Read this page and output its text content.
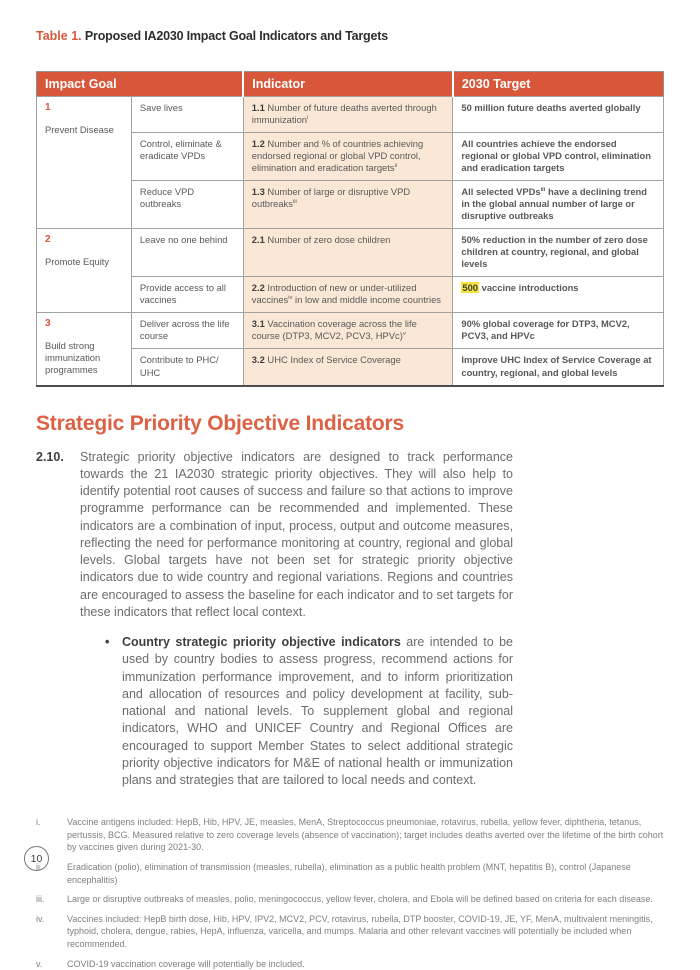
Table 1. Proposed IA2030 Impact Goal Indicators and Targets
Impact Goal		Indicator	2030 Target

1
Prevent Disease	Save lives	1.1 Number of future deaths averted through immunization$^i$	50 million future deaths averted globally
	Control, eliminate & eradicate VPDs	1.2 Number and % of countries achieving endorsed regional or global VPD control, elimination and eradication targets$^{ii}$	All countries achieve the endorsed regional or global VPD control, elimination and eradication targets
	Reduce VPD outbreaks	1.3 Number of large or disruptive VPD outbreaks$^{iii}$	All selected VPDs$^{iii}$ have a declining trend in the global annual number of large or disruptive outbreaks

2
Promote Equity	Leave no one behind	2.1 Number of zero dose children	50% reduction in the number of zero dose children at country, regional, and global levels
	Provide access to all vaccines	2.2 Introduction of new or under-utilized vaccines$^{iv}$ in low and middle income countries	500 vaccine introductions

3
Build strong immunization programmes	Deliver across the life course	3.1 Vaccination coverage across the life course (DTP3, MCV2, PCV3, HPVc)$^v$	90% global coverage for DTP3, MCV2, PCV3, and HPVc
	Contribute to PHC/ UHC	3.2 UHC Index of Service Coverage	Improve UHC Index of Service Coverage at country, regional, and global levels
Strategic Priority Objective Indicators
2.10.	Strategic priority objective indicators are designed to track performance towards the 21 IA2030 strategic priority objectives. They will also help to identify potential root causes of success and failure so that actions to improve programme performance can be recommended and implemented. These indicators are a combination of input, process, output and outcome measures, reflecting the need for performance monitoring at country, regional and global levels. Global targets have not been set for strategic priority objective indicators due to wide country and regional variations. Regions and countries are encouraged to assess the baseline for each indicator and to set targets for these indicators that reflect local context.
•	Country strategic priority objective indicators are intended to be used by country bodies to assess progress, recommend actions for immunization performance improvement, and to inform prioritization and allocation of resources and policy development at facility, sub-national and national levels. To supplement global and regional indicators, WHO and UNICEF Country and Regional Offices are encouraged to support Member States to select additional strategic priority objective indicators for M&E of national health or immunization plans and strategies that are tailored to local needs and context.
i.	Vaccine antigens included: HepB, Hib, HPV, JE, measles, MenA, Streptococcus pneumoniae, rotavirus, rubella, yellow fever, diphtheria, tetanus, pertussis, BCG. Measured relative to zero coverage levels (absence of vaccination); target includes deaths averted over the lifetime of the birth cohort by vaccines given during 2021-30.
ii.	Eradication (polio), elimination of transmission (measles, rubella), elimination as a public health problem (MNT, hepatitis B), control (Japanese encephalitis)
iii.	Large or disruptive outbreaks of measles, polio, meningococcus, yellow fever, cholera, and Ebola will be defined based on criteria for each disease.
iv.	Vaccines included: HepB birth dose, Hib, HPV, IPV2, MCV2, PCV, rotavirus, rubella, DTP booster, COVID-19, JE, YF, MenA, multivalent meningitis, typhoid, cholera, dengue, rabies, HepA, influenza, varicella, and mumps. Malaria and other relevant vaccines will potentially be included when recommended.
v.	COVID-19 vaccination coverage will potentially be included.
10
